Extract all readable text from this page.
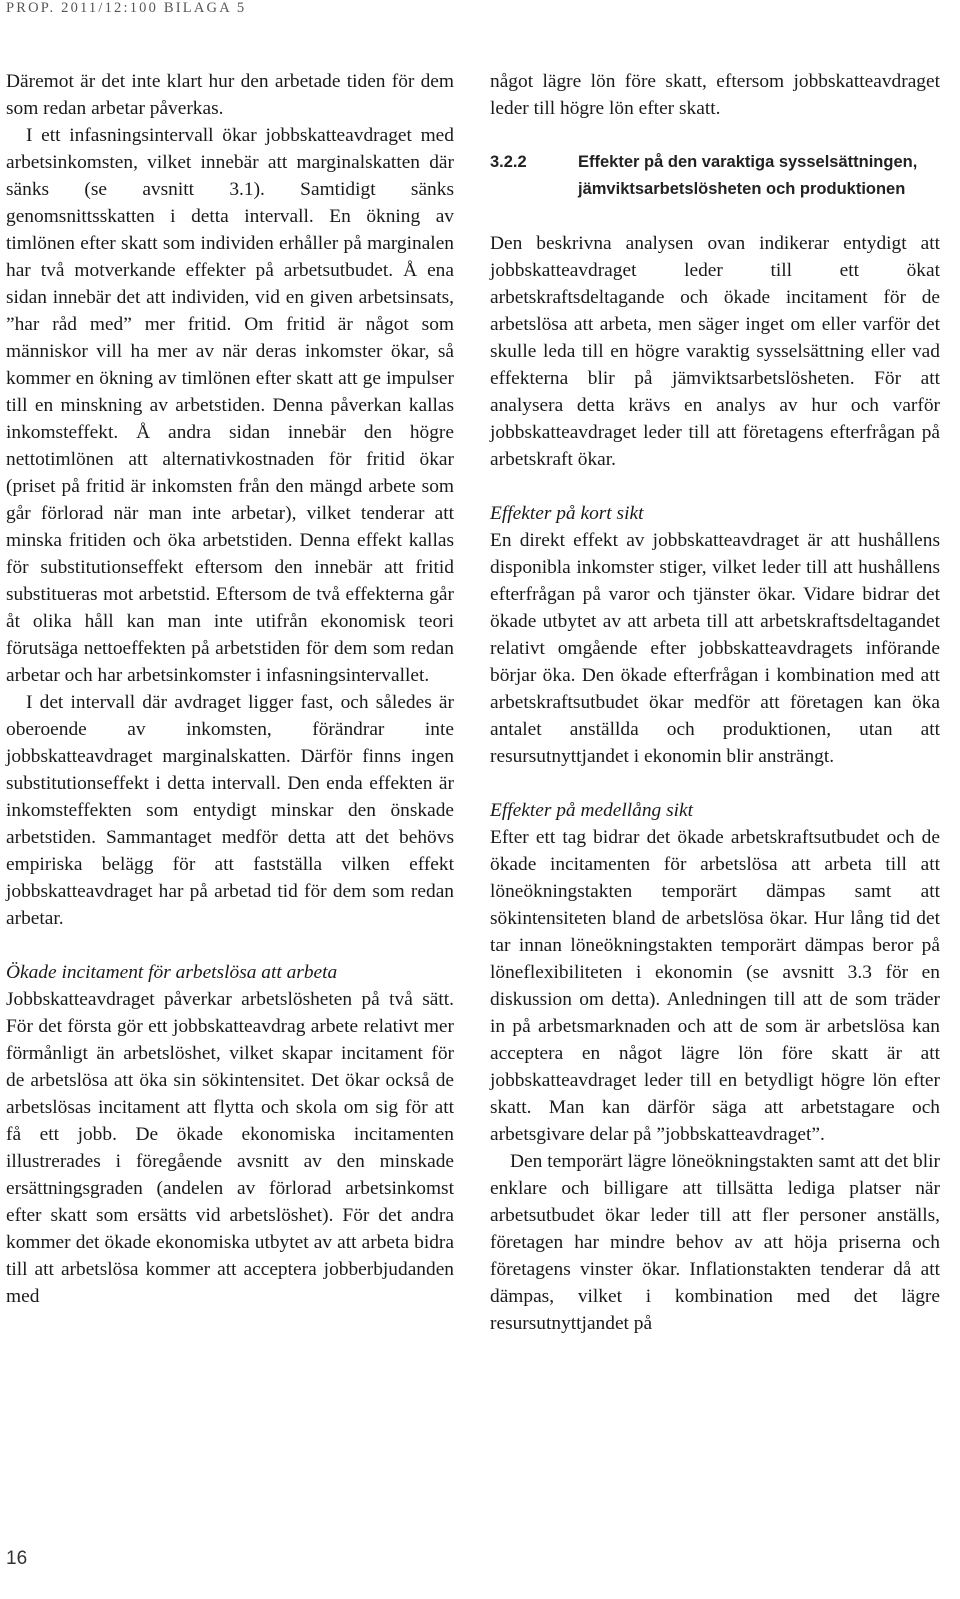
PROP. 2011/12:100 BILAGA 5

Däremot är det inte klart hur den arbetade tiden för dem som redan arbetar påverkas.

I ett infasningsintervall ökar jobbskatteavdraget med arbetsinkomsten, vilket innebär att marginalskatten där sänks (se avsnitt 3.1). Samtidigt sänks genomsnittsskatten i detta intervall. En ökning av timlönen efter skatt som individen erhåller på marginalen har två motverkande effekter på arbetsutbudet. Å ena sidan innebär det att individen, vid en given arbetsinsats, ”har råd med” mer fritid. Om fritid är något som människor vill ha mer av när deras inkomster ökar, så kommer en ökning av timlönen efter skatt att ge impulser till en minskning av arbetstiden. Denna påverkan kallas inkomsteffekt. Å andra sidan innebär den högre nettotimlönen att alternativkostnaden för fritid ökar (priset på fritid är inkomsten från den mängd arbete som går förlorad när man inte arbetar), vilket tenderar att minska fritiden och öka arbetstiden. Denna effekt kallas för substitutionseffekt eftersom den innebär att fritid substitueras mot arbetstid. Eftersom de två effekterna går åt olika håll kan man inte utifrån ekonomisk teori förutsäga nettoeffekten på arbetstiden för dem som redan arbetar och har arbetsinkomster i infasningsintervallet.

I det intervall där avdraget ligger fast, och således är oberoende av inkomsten, förändrar inte jobbskatteavdraget marginalskatten. Därför finns ingen substitutionseffekt i detta intervall. Den enda effekten är inkomsteffekten som entydigt minskar den önskade arbetstiden. Sammantaget medför detta att det behövs empiriska belägg för att fastställa vilken effekt jobbskatteavdraget har på arbetad tid för dem som redan arbetar.

Ökade incitament för arbetslösa att arbeta

Jobbskatteavdraget påverkar arbetslösheten på två sätt. För det första gör ett jobbskatteavdrag arbete relativt mer förmånligt än arbetslöshet, vilket skapar incitament för de arbetslösa att öka sin sökintensitet. Det ökar också de arbetslösas incitament att flytta och skola om sig för att få ett jobb. De ökade ekonomiska incitamenten illustrerades i föregående avsnitt av den minskade ersättningsgraden (andelen av förlorad arbetsinkomst efter skatt som ersätts vid arbetslöshet). För det andra kommer det ökade ekonomiska utbytet av att arbeta bidra till att arbetslösa kommer att acceptera jobberbjudanden med

något lägre lön före skatt, eftersom jobbskatteavdraget leder till högre lön efter skatt.

3.2.2	Effekter på den varaktiga sysselsättningen, jämviktsarbetslösheten och produktionen

Den beskrivna analysen ovan indikerar entydigt att jobbskatteavdraget leder till ett ökat arbetskraftsdeltagande och ökade incitament för de arbetslösa att arbeta, men säger inget om eller varför det skulle leda till en högre varaktig sysselsättning eller vad effekterna blir på jämviktsarbetslösheten. För att analysera detta krävs en analys av hur och varför jobbskatteavdraget leder till att företagens efterfrågan på arbetskraft ökar.

Effekter på kort sikt

En direkt effekt av jobbskatteavdraget är att hushållens disponibla inkomster stiger, vilket leder till att hushållens efterfrågan på varor och tjänster ökar. Vidare bidrar det ökade utbytet av att arbeta till att arbetskraftsdeltagandet relativt omgående efter jobbskatteavdragets införande börjar öka. Den ökade efterfrågan i kombination med att arbetskraftsutbudet ökar medför att företagen kan öka antalet anställda och produktionen, utan att resursutnyttjandet i ekonomin blir ansträngt.

Effekter på medellång sikt

Efter ett tag bidrar det ökade arbetskraftsutbudet och de ökade incitamenten för arbetslösa att arbeta till att löneökningstakten temporärt dämpas samt att sökintensiteten bland de arbetslösa ökar. Hur lång tid det tar innan löneökningstakten temporärt dämpas beror på löneflexibiliteten i ekonomin (se avsnitt 3.3 för en diskussion om detta). Anledningen till att de som träder in på arbetsmarknaden och att de som är arbetslösa kan acceptera en något lägre lön före skatt är att jobbskatteavdraget leder till en betydligt högre lön efter skatt. Man kan därför säga att arbetstagare och arbetsgivare delar på ”jobbskatteavdraget”.

Den temporärt lägre löneökningstakten samt att det blir enklare och billigare att tillsätta lediga platser när arbetsutbudet ökar leder till att fler personer anställs, företagen har mindre behov av att höja priserna och företagens vinster ökar. Inflationstakten tenderar då att dämpas, vilket i kombination med det lägre resursutnyttjandet på

16
